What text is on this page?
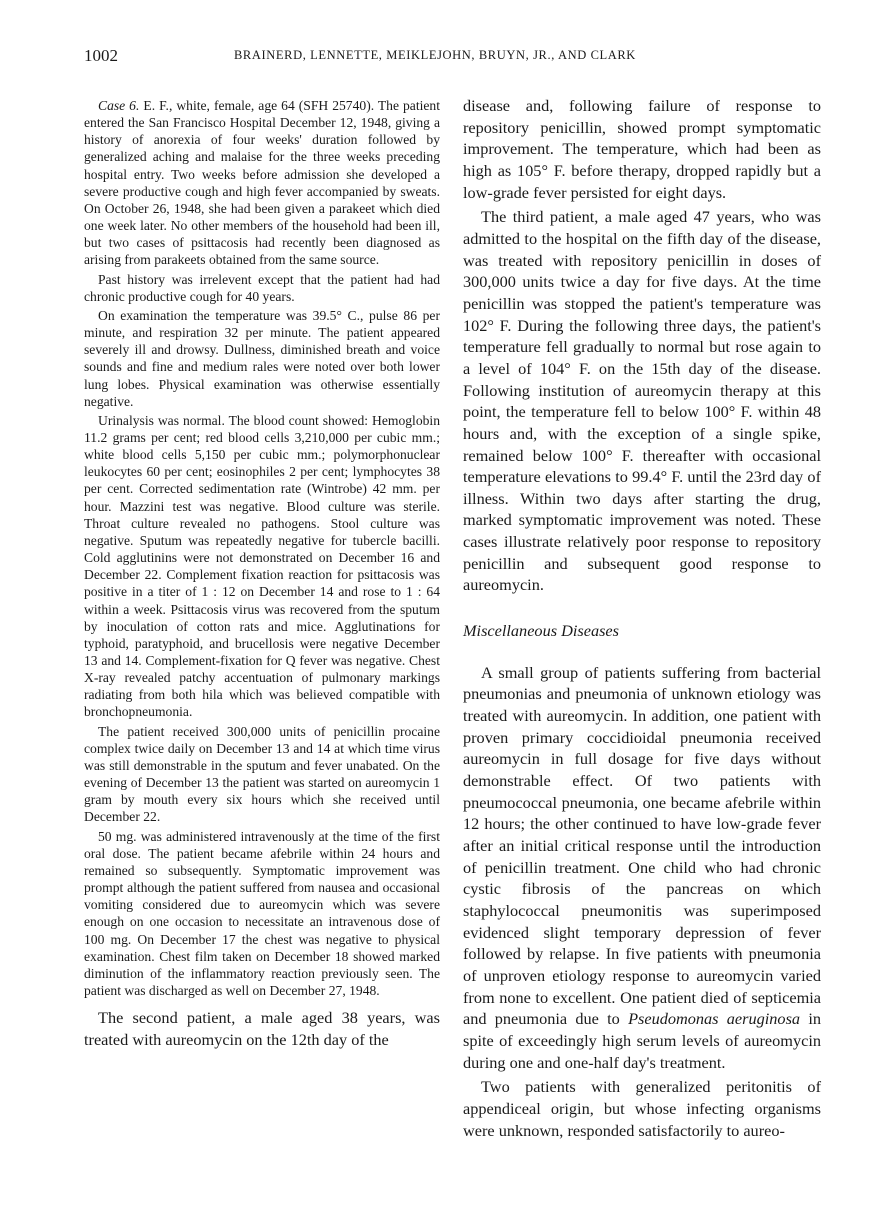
1002	BRAINERD, LENNETTE, MEIKLEJOHN, BRUYN, JR., AND CLARK

Case 6. E. F., white, female, age 64 (SFH 25740). The patient entered the San Francisco Hospital December 12, 1948, giving a history of anorexia of four weeks' duration followed by generalized aching and malaise for the three weeks preceding hospital entry. Two weeks before admission she developed a severe productive cough and high fever accompanied by sweats. On October 26, 1948, she had been given a parakeet which died one week later. No other members of the household had been ill, but two cases of psittacosis had recently been diagnosed as arising from parakeets obtained from the same source.

Past history was irrelevent except that the patient had had chronic productive cough for 40 years.

On examination the temperature was 39.5° C., pulse 86 per minute, and respiration 32 per minute. The patient appeared severely ill and drowsy. Dullness, diminished breath and voice sounds and fine and medium rales were noted over both lower lung lobes. Physical examination was otherwise essentially negative.

Urinalysis was normal. The blood count showed: Hemoglobin 11.2 grams per cent; red blood cells 3,210,000 per cubic mm.; white blood cells 5,150 per cubic mm.; polymorphonuclear leukocytes 60 per cent; eosinophiles 2 per cent; lymphocytes 38 per cent. Corrected sedimentation rate (Wintrobe) 42 mm. per hour. Mazzini test was negative. Blood culture was sterile. Throat culture revealed no pathogens. Stool culture was negative. Sputum was repeatedly negative for tubercle bacilli. Cold agglutinins were not demonstrated on December 16 and December 22. Complement fixation reaction for psittacosis was positive in a titer of 1 : 12 on December 14 and rose to 1 : 64 within a week. Psittacosis virus was recovered from the sputum by inoculation of cotton rats and mice. Agglutinations for typhoid, paratyphoid, and brucellosis were negative December 13 and 14. Complement-fixation for Q fever was negative. Chest X-ray revealed patchy accentuation of pulmonary markings radiating from both hila which was believed compatible with bronchopneumonia.

The patient received 300,000 units of penicillin procaine complex twice daily on December 13 and 14 at which time virus was still demonstrable in the sputum and fever unabated. On the evening of December 13 the patient was started on aureomycin 1 gram by mouth every six hours which she received until December 22.

50 mg. was administered intravenously at the time of the first oral dose. The patient became afebrile within 24 hours and remained so subsequently. Symptomatic improvement was prompt although the patient suffered from nausea and occasional vomiting considered due to aureomycin which was severe enough on one occasion to necessitate an intravenous dose of 100 mg. On December 17 the chest was negative to physical examination. Chest film taken on December 18 showed marked diminution of the inflammatory reaction previously seen. The patient was discharged as well on December 27, 1948.

The second patient, a male aged 38 years, was treated with aureomycin on the 12th day of the

disease and, following failure of response to repository penicillin, showed prompt symptomatic improvement. The temperature, which had been as high as 105° F. before therapy, dropped rapidly but a low-grade fever persisted for eight days.

The third patient, a male aged 47 years, who was admitted to the hospital on the fifth day of the disease, was treated with repository penicillin in doses of 300,000 units twice a day for five days. At the time penicillin was stopped the patient's temperature was 102° F. During the following three days, the patient's temperature fell gradually to normal but rose again to a level of 104° F. on the 15th day of the disease. Following institution of aureomycin therapy at this point, the temperature fell to below 100° F. within 48 hours and, with the exception of a single spike, remained below 100° F. thereafter with occasional temperature elevations to 99.4° F. until the 23rd day of illness. Within two days after starting the drug, marked symptomatic improvement was noted. These cases illustrate relatively poor response to repository penicillin and subsequent good response to aureomycin.

Miscellaneous Diseases

A small group of patients suffering from bacterial pneumonias and pneumonia of unknown etiology was treated with aureomycin. In addition, one patient with proven primary coccidioidal pneumonia received aureomycin in full dosage for five days without demonstrable effect. Of two patients with pneumococcal pneumonia, one became afebrile within 12 hours; the other continued to have low-grade fever after an initial critical response until the introduction of penicillin treatment. One child who had chronic cystic fibrosis of the pancreas on which staphylococcal pneumonitis was superimposed evidenced slight temporary depression of fever followed by relapse. In five patients with pneumonia of unproven etiology response to aureomycin varied from none to excellent. One patient died of septicemia and pneumonia due to Pseudomonas aeruginosa in spite of exceedingly high serum levels of aureomycin during one and one-half day's treatment.

Two patients with generalized peritonitis of appendiceal origin, but whose infecting organisms were unknown, responded satisfactorily to aureo-
